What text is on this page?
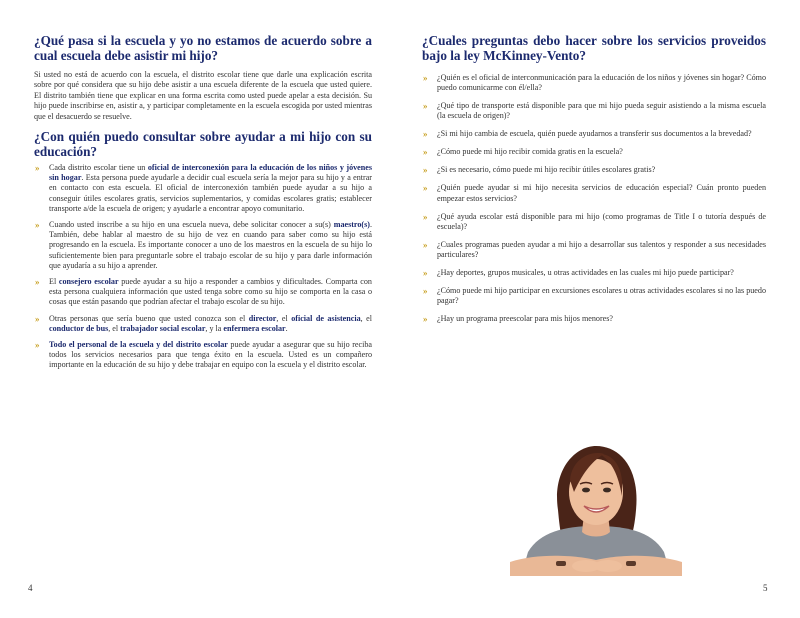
¿Qué pasa si la escuela y yo no estamos de acuerdo sobre a cual escuela debe asistir mi hijo?

Si usted no está de acuerdo con la escuela, el distrito escolar tiene que darle una explicación escrita sobre por qué considera que su hijo debe asistir a una escuela diferente de la escuela que usted quiere. El distrito también tiene que explicar en una forma escrita como usted puede apelar a esta decisión. Su hijo puede inscribirse en, asistir a, y participar completamente en la escuela escogida por usted mientras que el desacuerdo se resuelve.

¿Con quién puedo consultar sobre ayudar a mi hijo con su educación?
» Cada distrito escolar tiene un oficial de interconexión para la educación de los niños y jóvenes sin hogar. Esta persona puede ayudarle a decidir cual escuela sería la mejor para su hijo y a entrar en contacto con esta escuela. El oficial de interconexión también puede ayudar a su hijo a conseguir útiles escolares gratis, servicios suplementarios, y comidas escolares gratis; establecer transporte a/de la escuela de origen; y ayudarle a encontrar apoyo comunitario.
» Cuando usted inscribe a su hijo en una escuela nueva, debe solicitar conocer a su(s) maestro(s). También, debe hablar al maestro de su hijo de vez en cuando para saber como su hijo está progresando en la escuela. Es importante conocer a uno de los maestros en la escuela de su hijo lo suficientemente bien para preguntarle sobre el trabajo escolar de su hijo y para darle información que ayudaría a su hijo a aprender.
» El consejero escolar puede ayudar a su hijo a responder a cambios y dificultades. Comparta con esta persona cualquiera información que usted tenga sobre como su hijo se comporta en la casa o cosas que están pasando que podrían afectar el trabajo escolar de su hijo.
» Otras personas que sería bueno que usted conozca son el director, el oficial de asistencia, el conductor de bus, el trabajador social escolar, y la enfermera escolar.
» Todo el personal de la escuela y del distrito escolar puede ayudar a asegurar que su hijo reciba todos los servicios necesarios para que tenga éxito en la escuela. Usted es un compañero importante en la educación de su hijo y debe trabajar en equipo con la escuela y el distrito escolar.
¿Cuales preguntas debo hacer sobre los servicios proveidos bajo la ley McKinney-Vento?
» ¿Quién es el oficial de interconmunicación para la educación de los niños y jóvenes sin hogar? Cómo puedo comunicarme con él/ella?
» ¿Qué tipo de transporte está disponible para que mi hijo pueda seguir asistiendo a la misma escuela (la escuela de origen)?
» ¿Si mi hijo cambia de escuela, quién puede ayudarnos a transferir sus documentos a la brevedad?
» ¿Cómo puede mi hijo recibir comida gratis en la escuela?
» ¿Si es necesario, cómo puede mi hijo recibir útiles escolares gratis?
» ¿Quién puede ayudar si mi hijo necesita servicios de educación especial? Cuán pronto pueden empezar estos servicios?
» ¿Qué ayuda escolar está disponible para mi hijo (como programas de Title I o tutoría después de escuela)?
» ¿Cuales programas pueden ayudar a mi hijo a desarrollar sus talentos y responder a sus necesidades particulares?
» ¿Hay deportes, grupos musicales, u otras actividades en las cuales mi hijo puede participar?
» ¿Cómo puede mi hijo participar en excursiones escolares u otras actividades escolares si no las puedo pagar?
» ¿Hay un programa preescolar para mis hijos menores?
4	5
